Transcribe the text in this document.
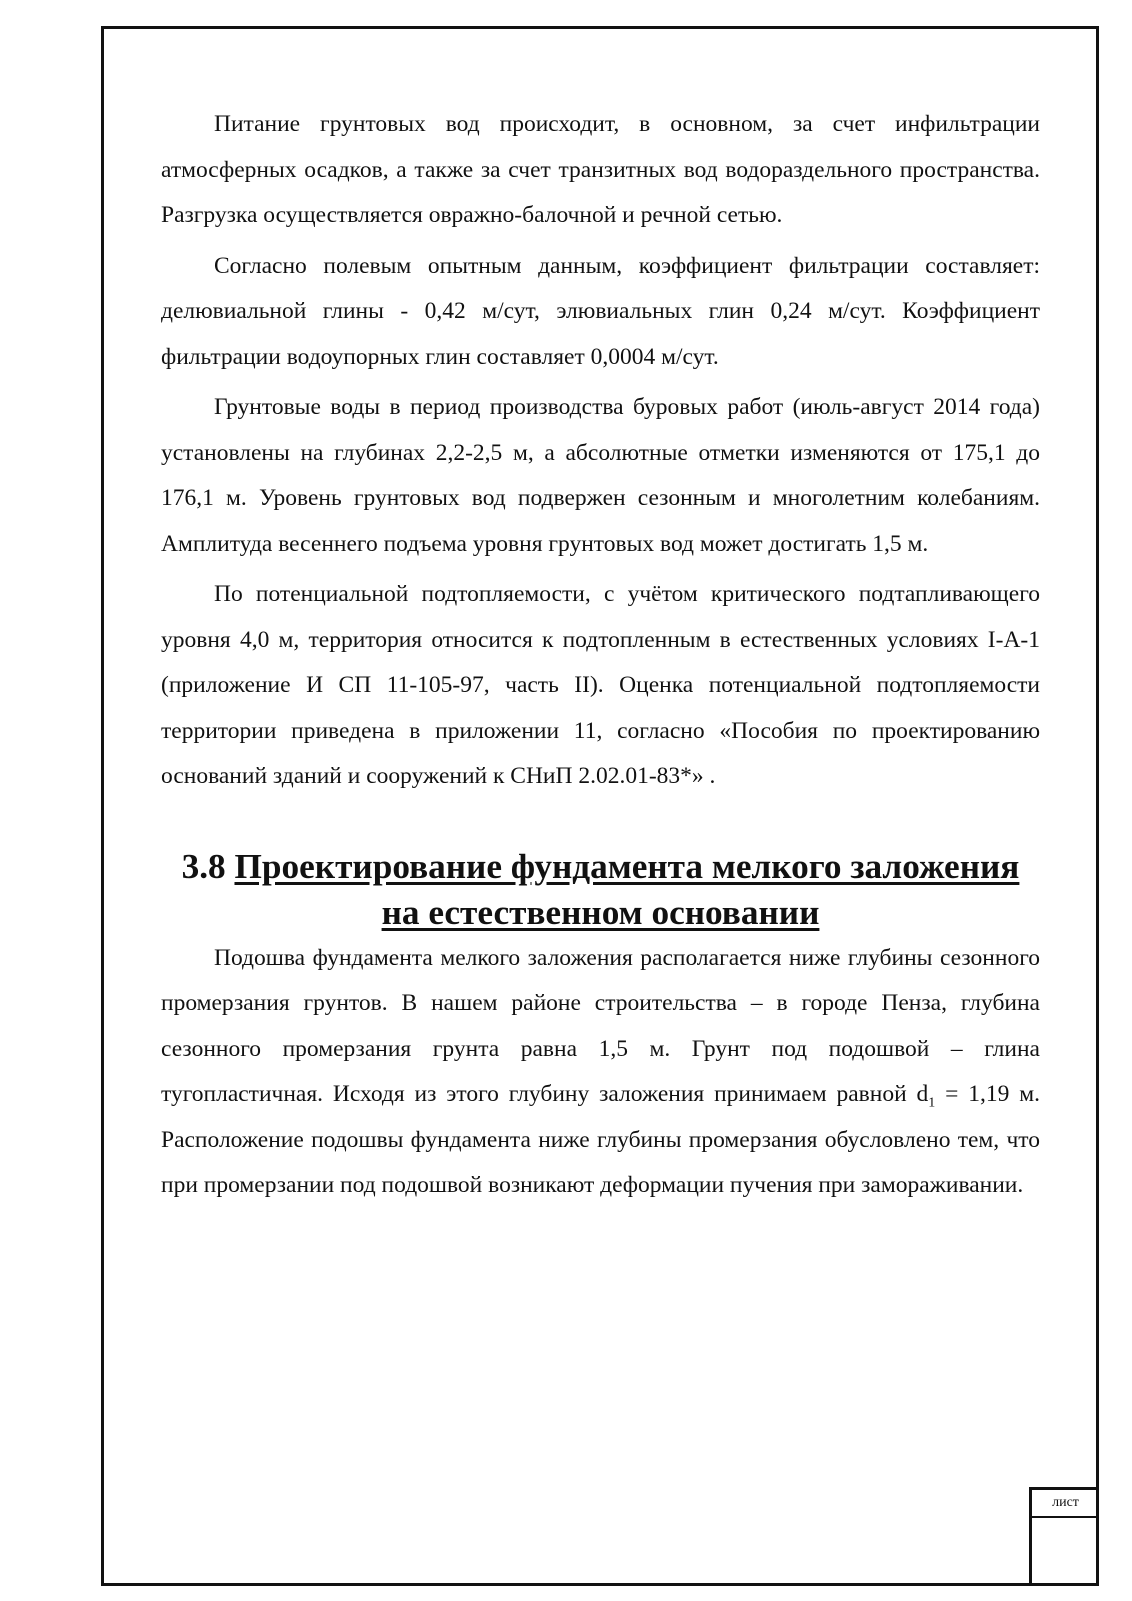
Питание грунтовых вод происходит, в основном, за счет инфильтрации атмосферных осадков, а также за счет транзитных вод водораздельного пространства. Разгрузка осуществляется овражно-балочной и речной сетью.

Согласно полевым опытным данным, коэффициент фильтрации составляет: делювиальной глины - 0,42 м/сут, элювиальных глин 0,24 м/сут. Коэффициент фильтрации водоупорных глин составляет 0,0004 м/сут.

Грунтовые воды в период производства буровых работ (июль-август 2014 года) установлены на глубинах 2,2-2,5 м, а абсолютные отметки изменяются от 175,1 до 176,1 м. Уровень грунтовых вод подвержен сезонным и многолетним колебаниям. Амплитуда весеннего подъема уровня грунтовых вод может достигать 1,5 м.

По потенциальной подтопляемости, с учётом критического подтапливающего уровня 4,0 м, территория относится к подтопленным в естественных условиях I-А-1 (приложение И СП 11-105-97, часть II). Оценка потенциальной подтопляемости территории приведена в приложении 11, согласно «Пособия по проектированию оснований зданий и сооружений к СНиП 2.02.01-83*» .

3.8 Проектирование фундамента мелкого заложения на естественном основании

Подошва фундамента мелкого заложения располагается ниже глубины сезонного промерзания грунтов. В нашем районе строительства – в городе Пенза, глубина сезонного промерзания грунта равна 1,5 м. Грунт под подошвой – глина тугопластичная. Исходя из этого глубину заложения принимаем равной $d_1 = 1,19$ м. Расположение подошвы фундамента ниже глубины промерзания обусловлено тем, что при промерзании под подошвой возникают деформации пучения при замораживании.

лист
